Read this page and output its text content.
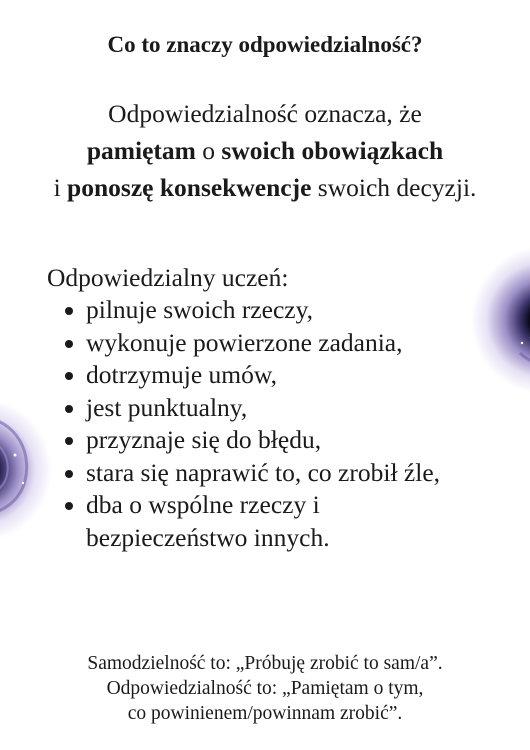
Co to znaczy odpowiedzialność?
Odpowiedzialność oznacza, że
pamiętam o swoich obowiązkach
i ponoszę konsekwencje swoich decyzji.
Odpowiedzialny uczeń:
pilnuje swoich rzeczy,
wykonuje powierzone zadania,
dotrzymuje umów,
jest punktualny,
przyznaje się do błędu,
stara się naprawić to, co zrobił źle,
dba o wspólne rzeczy i bezpieczeństwo innych.
Samodzielność to: „Próbuję zrobić to sam/a”.
Odpowiedzialność to: „Pamiętam o tym,
co powinienem/powinnam zrobić”.
